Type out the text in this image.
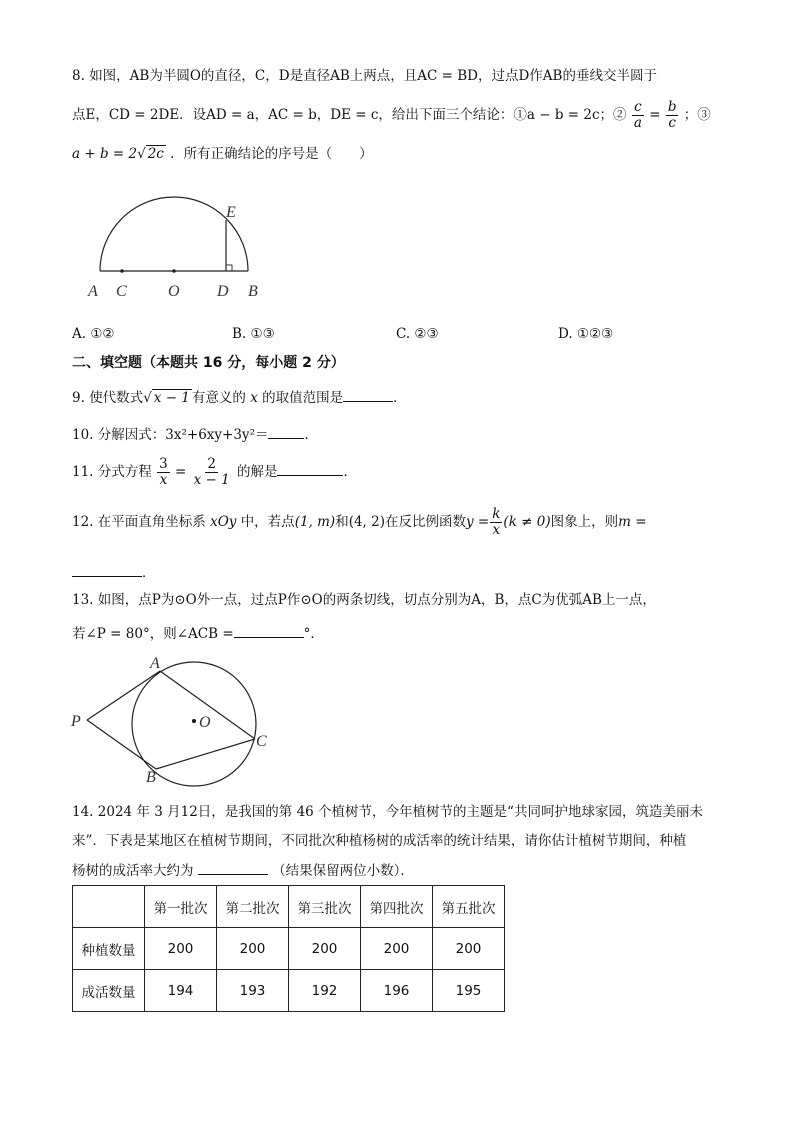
8. 如图，AB为半圆O的直径，C，D是直径AB上两点，且AC = BD，过点D作AB的垂线交半圆于
点E，CD = 2DE．设AD = a，AC = b，DE = c，给出下面三个结论：①a − b = 2c；② $\frac{c}{a} = \frac{b}{c}$ ；③
a + b = 2√ 2c ．所有正确结论的序号是（　　）
A C	O D B
E
A. ①②	B. ①③	C. ②③	D. ①②③
二、填空题（本题共 16 分，每小题 2 分）
9. 使代数式√ x − 1 有意义的 x 的取值范围是	．
10. 分解因式：3x²+6xy+3y²＝	．
11. 分式方程 $\frac{3}{x} = \frac{2}{x - 1}$ 的解是	．
12. 在平面直角坐标系 xOy 中，若点(1, m)和(4, 2)在反比例函数$y = \frac{k}{x} (k \ne 0)$图象上，则m =
．
13. 如图，点P为⊙O外一点，过点P作⊙O的两条切线，切点分别为A，B，点C为优弧AB上一点，
若∠P = 80°，则∠ACB =	°．
A
B
C
P	O
14. 2024 年 3 月12日，是我国的第 46 个植树节，今年植树节的主题是“共同呵护地球家园，筑造美丽未
来”．下表是某地区在植树节期间，不同批次种植杨树的成活率的统计结果，请你估计植树节期间，种植
杨树的成活率大约为	（结果保留两位小数）．
	第一批次	第二批次	第三批次	第四批次	第五批次
种植数量	200	200	200	200	200
成活数量	194	193	192	196	195
